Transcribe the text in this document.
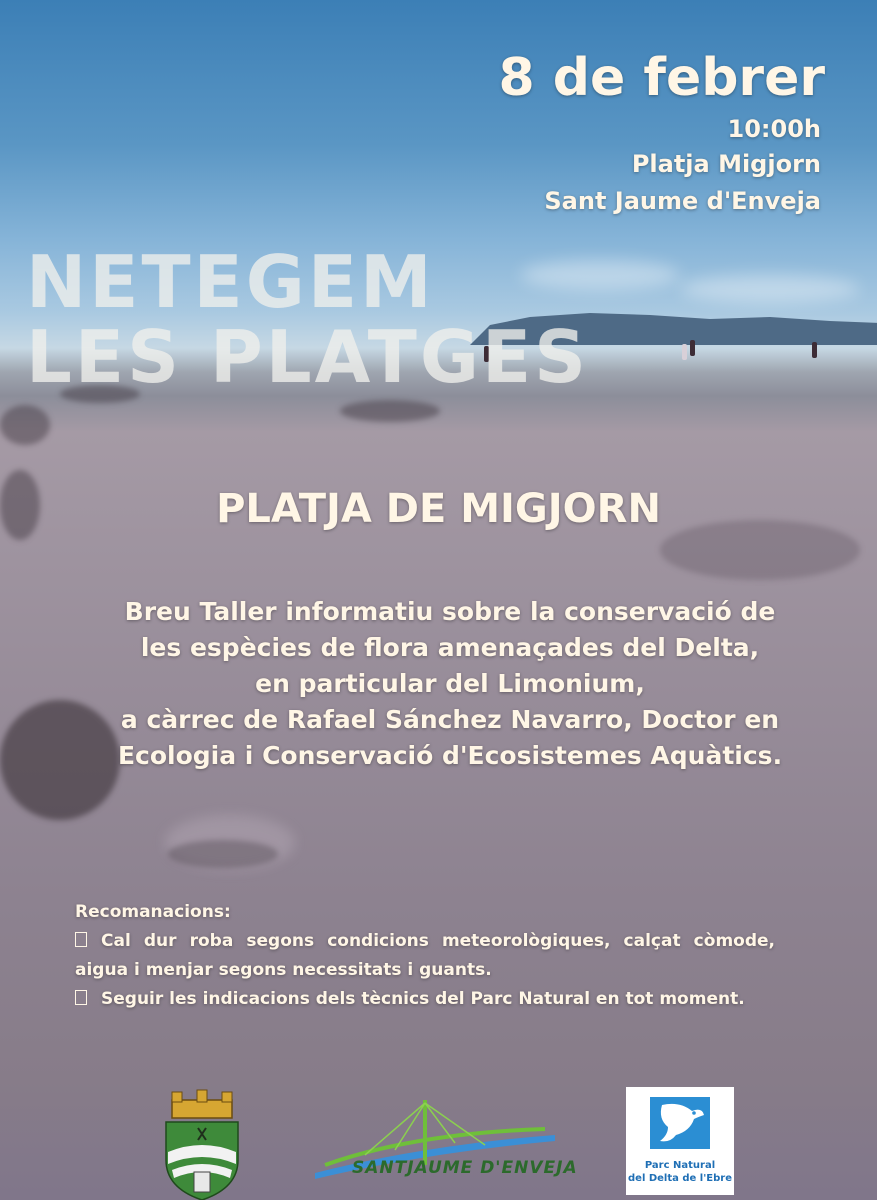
8 de febrer
10:00h
Platja Migjorn
Sant Jaume d'Enveja
NETEGEM
LES PLATGES
PLATJA DE MIGJORN
Breu Taller informatiu sobre la conservació de
les espècies de flora amenaçades del Delta,
en particular del Limonium,
a càrrec de Rafael Sánchez Navarro, Doctor en
Ecologia i Conservació d'Ecosistemes Aquàtics.
Recomanacions:
Cal dur roba segons condicions meteorològiques, calçat còmode, aigua i menjar segons necessitats i guants.
Seguir les indicacions dels tècnics del Parc Natural en tot moment.
SANTJAUME D'ENVEJA	Parc Natural
del Delta de l'Ebre
